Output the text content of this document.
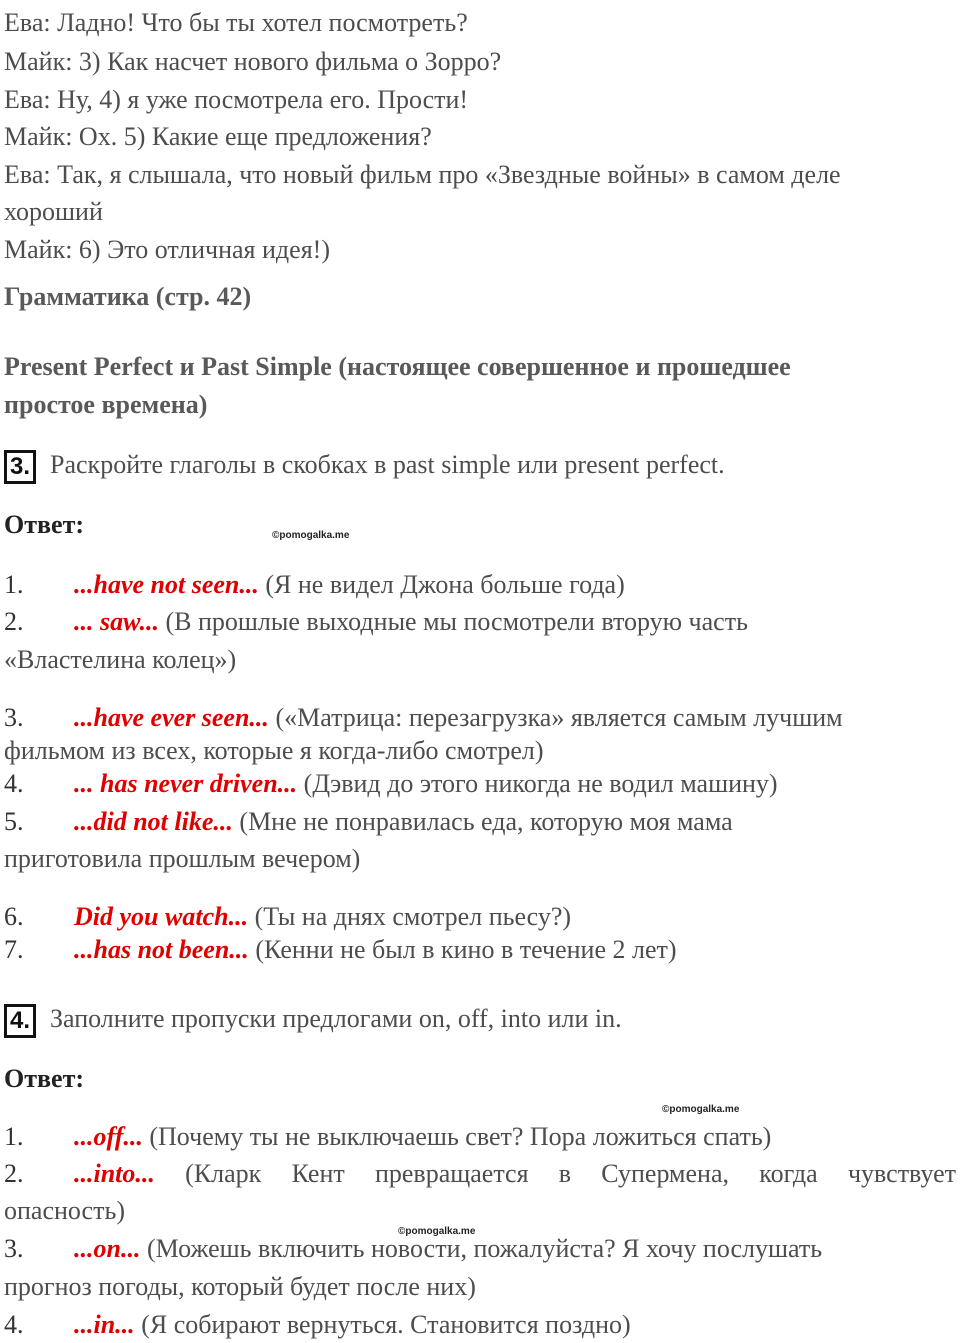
Ева: Ладно! Что бы ты хотел посмотреть?
Майк: 3) Как насчет нового фильма о Зорро?
Ева: Ну, 4) я уже посмотрела его. Прости!
Майк: Ох. 5) Какие еще предложения?
Ева: Так, я слышала, что новый фильм про «Звездные войны» в самом деле
хороший
Майк: 6) Это отличная идея!)
Грамматика (стр. 42)
Present Perfect и Past Simple (настоящее совершенное и прошедшее
простое времена)
3. Раскройте глаголы в скобках в past simple или present perfect.
Ответ:	©pomogalka.me
1. ...have not seen... (Я не видел Джона больше года)
2. ... saw... (В прошлые выходные мы посмотрели вторую часть
«Властелина колец»)
3. ...have ever seen... («Матрица: перезагрузка» является самым лучшим
фильмом из всех, которые я когда-либо смотрел)
4. ... has never driven... (Дэвид до этого никогда не водил машину)
5. ...did not like... (Мне не понравилась еда, которую моя мама
приготовила прошлым вечером)
6. Did you watch... (Ты на днях смотрел пьесу?)
7. ...has not been... (Кенни не был в кино в течение 2 лет)
4. Заполните пропуски предлогами on, off, into или in.
Ответ:
©pomogalka.me
1. ...off... (Почему ты не выключаешь свет? Пора ложиться спать)
2. ...into... (Кларк Кент превращается в Супермена, когда чувствует
опасность)
©pomogalka.me
3. ...on... (Можешь включить новости, пожалуйста? Я хочу послушать
прогноз погоды, который будет после них)
4. ...in... (Я собирают вернуться. Становится поздно)
